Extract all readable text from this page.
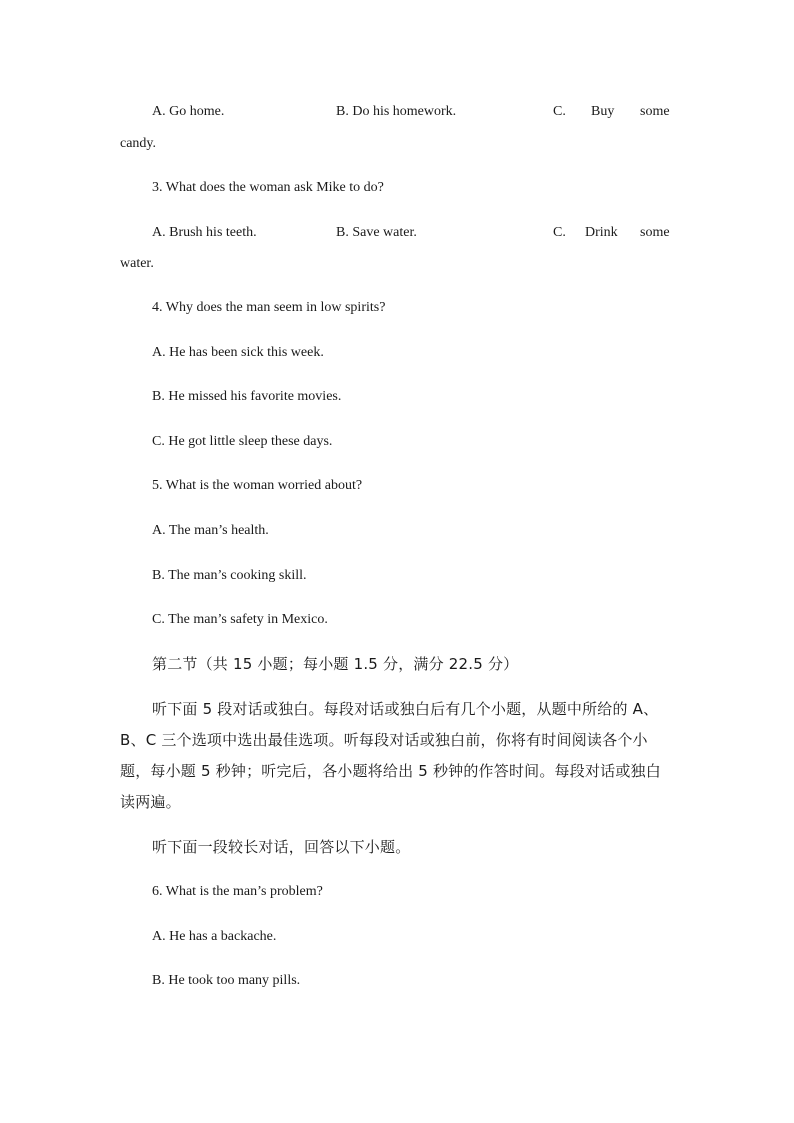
A. Go home.	B. Do his homework.	C. Buy some
candy.
3. What does the woman ask Mike to do?
A. Brush his teeth.	B. Save water.	C. Drink some
water.
4. Why does the man seem in low spirits?
A. He has been sick this week.
B. He missed his favorite movies.
C. He got little sleep these days.
5. What is the woman worried about?
A. The man’s health.
B. The man’s cooking skill.
C. The man’s safety in Mexico.
第二节（共 15 小题；每小题 1.5 分，满分 22.5 分）
听下面 5 段对话或独白。每段对话或独白后有几个小题，从题中所给的 A、
B、C 三个选项中选出最佳选项。听每段对话或独白前，你将有时间阅读各个小
题，每小题 5 秒钟；听完后，各小题将给出 5 秒钟的作答时间。每段对话或独白
读两遍。
听下面一段较长对话，回答以下小题。
6. What is the man’s problem?
A. He has a backache.
B. He took too many pills.
